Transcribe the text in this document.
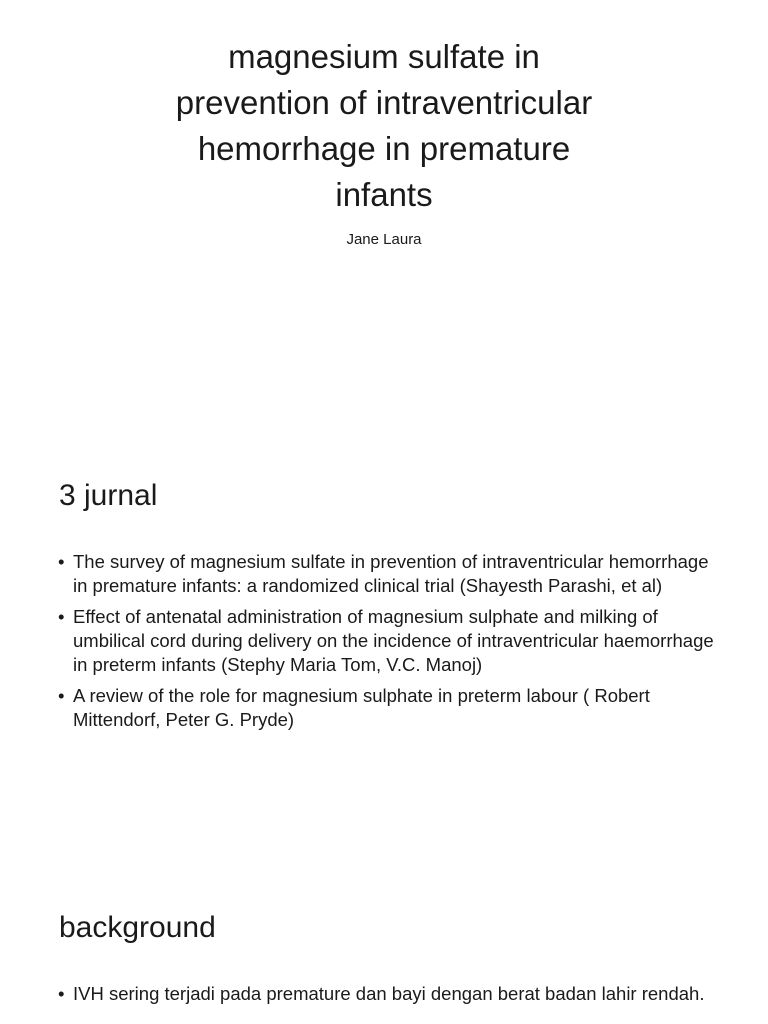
magnesium sulfate in
prevention of intraventricular
hemorrhage in premature
infants
Jane Laura
3 jurnal
• The survey of magnesium sulfate in prevention of intraventricular hemorrhage in premature infants: a randomized clinical trial (Shayesth Parashi, et al)
• Effect of antenatal administration of magnesium sulphate and milking of umbilical cord during delivery on the incidence of intraventricular haemorrhage in preterm infants (Stephy Maria Tom, V.C. Manoj)
• A review of the role for magnesium sulphate in preterm labour ( Robert Mittendorf, Peter G. Pryde)
background
• IVH sering terjadi pada premature dan bayi dengan berat badan lahir rendah.
